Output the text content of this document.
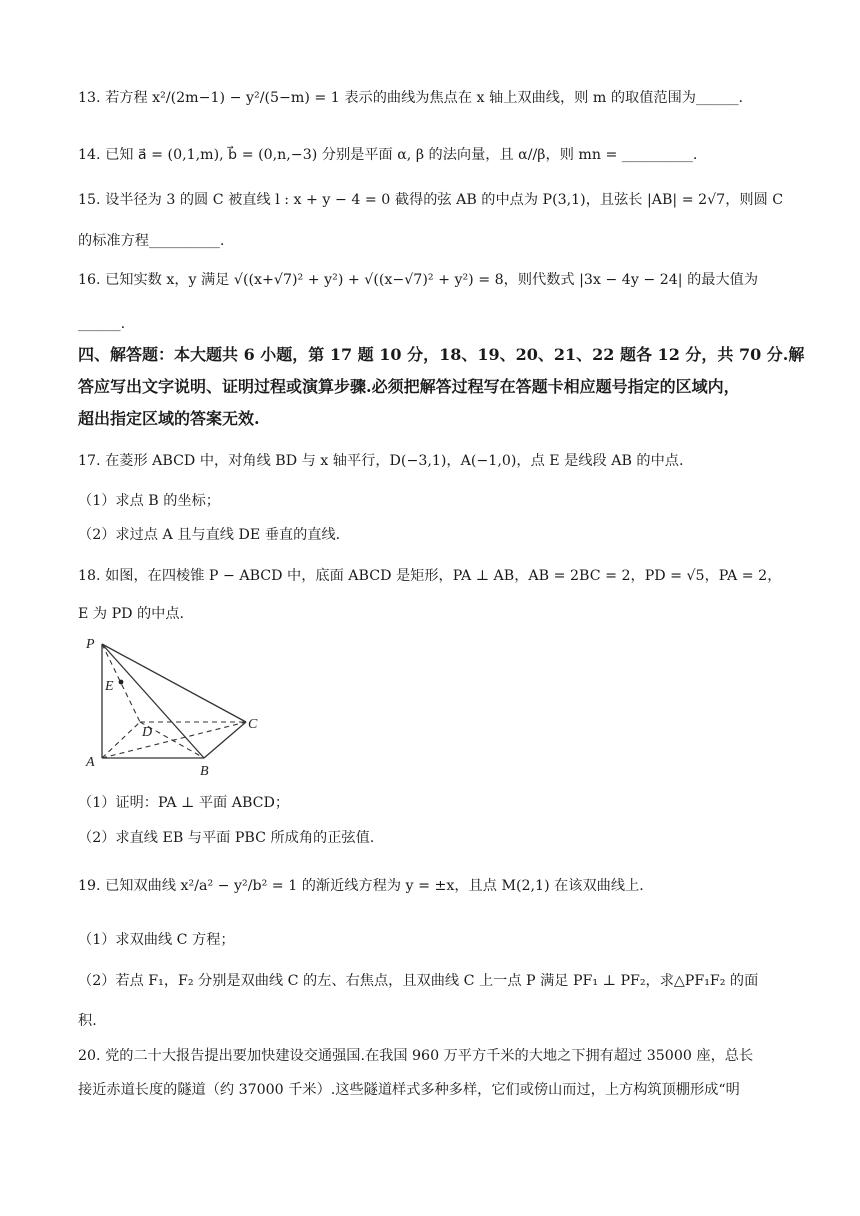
13. 若方程 x²/(2m−1) − y²/(5−m) = 1 表示的曲线为焦点在 x 轴上双曲线，则 m 的取值范围为______.
14. 已知 a⃗ = (0,1,m), b⃗ = (0,n,−3) 分别是平面 α, β 的法向量，且 α//β，则 mn = __________.
15. 设半径为 3 的圆 C 被直线 l : x + y − 4 = 0 截得的弦 AB 的中点为 P(3,1)，且弦长 |AB| = 2√7，则圆 C
的标准方程__________.
16. 已知实数 x，y 满足 √((x+√7)² + y²) + √((x−√7)² + y²) = 8，则代数式 |3x − 4y − 24| 的最大值为
______.
四、解答题：本大题共 6 小题，第 17 题 10 分，18、19、20、21、22 题各 12 分，共 70 分.解
答应写出文字说明、证明过程或演算步骤.必须把解答过程写在答题卡相应题号指定的区域内，
超出指定区域的答案无效.
17. 在菱形 ABCD 中，对角线 BD 与 x 轴平行，D(−3,1)，A(−1,0)，点 E 是线段 AB 的中点.
（1）求点 B 的坐标；
（2）求过点 A 且与直线 DE 垂直的直线.
18. 如图，在四棱锥 P − ABCD 中，底面 ABCD 是矩形，PA ⊥ AB，AB = 2BC = 2，PD = √5，PA = 2，
E 为 PD 的中点.
P
E
D
C
A
B
（1）证明：PA ⊥ 平面 ABCD；
（2）求直线 EB 与平面 PBC 所成角的正弦值.
19. 已知双曲线 x²/a² − y²/b² = 1 的渐近线方程为 y = ±x，且点 M(2,1) 在该双曲线上.
（1）求双曲线 C 方程；
（2）若点 F₁，F₂ 分别是双曲线 C 的左、右焦点，且双曲线 C 上一点 P 满足 PF₁ ⊥ PF₂，求△PF₁F₂ 的面
积.
20. 党的二十大报告提出要加快建设交通强国.在我国 960 万平方千米的大地之下拥有超过 35000 座，总长
接近赤道长度的隧道（约 37000 千米）.这些隧道样式多种多样，它们或傍山而过，上方构筑顶棚形成“明
